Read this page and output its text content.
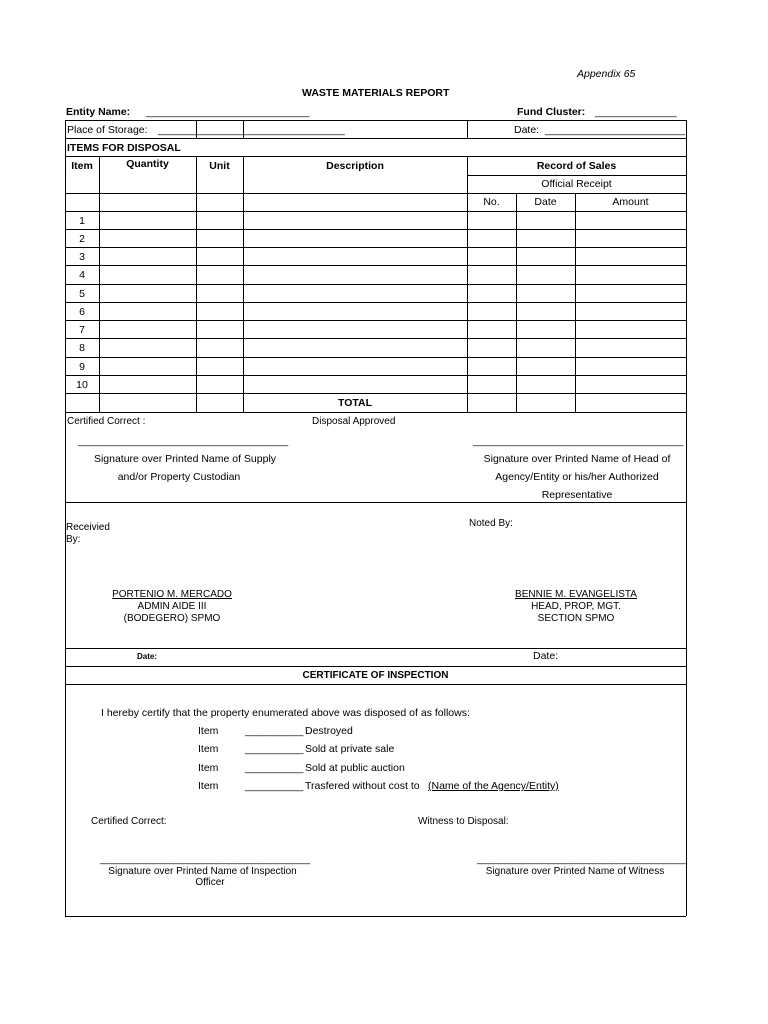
Appendix 65
WASTE MATERIALS REPORT
Entity Name: ____________________________	Fund Cluster: ______________
Place of Storage: ________________________________	Date: ________________________
ITEMS FOR DISPOSAL
Item	Quantity	Unit	Description	Record of Sales
Official Receipt
No.	Date	Amount
1
2
3
4
5
6
7
8
9
10
TOTAL
Certified Correct :	Disposal Approved
____________________________________	____________________________________
Signature over Printed Name of Supply
and/or Property Custodian
Signature over Printed Name of Head of
Agency/Entity or his/her Authorized
Representative
Receivied
By:
Noted By:
PORTENIO M. MERCADO
ADMIN AIDE III
(BODEGERO) SPMO
BENNIE M. EVANGELISTA
HEAD, PROP, MGT.
SECTION SPMO
Date:	Date:
CERTIFICATE OF INSPECTION
I hereby certify that the property enumerated above was disposed of as follows:
Item	__________ Destroyed
Item	__________ Sold at private sale
Item	__________ Sold at public auction
Item	__________ Trasfered without cost to (Name of the Agency/Entity)
Certified Correct:	Witness to Disposal:
____________________________________	____________________________________
Signature over Printed Name of Inspection
Officer
Signature over Printed Name of Witness
